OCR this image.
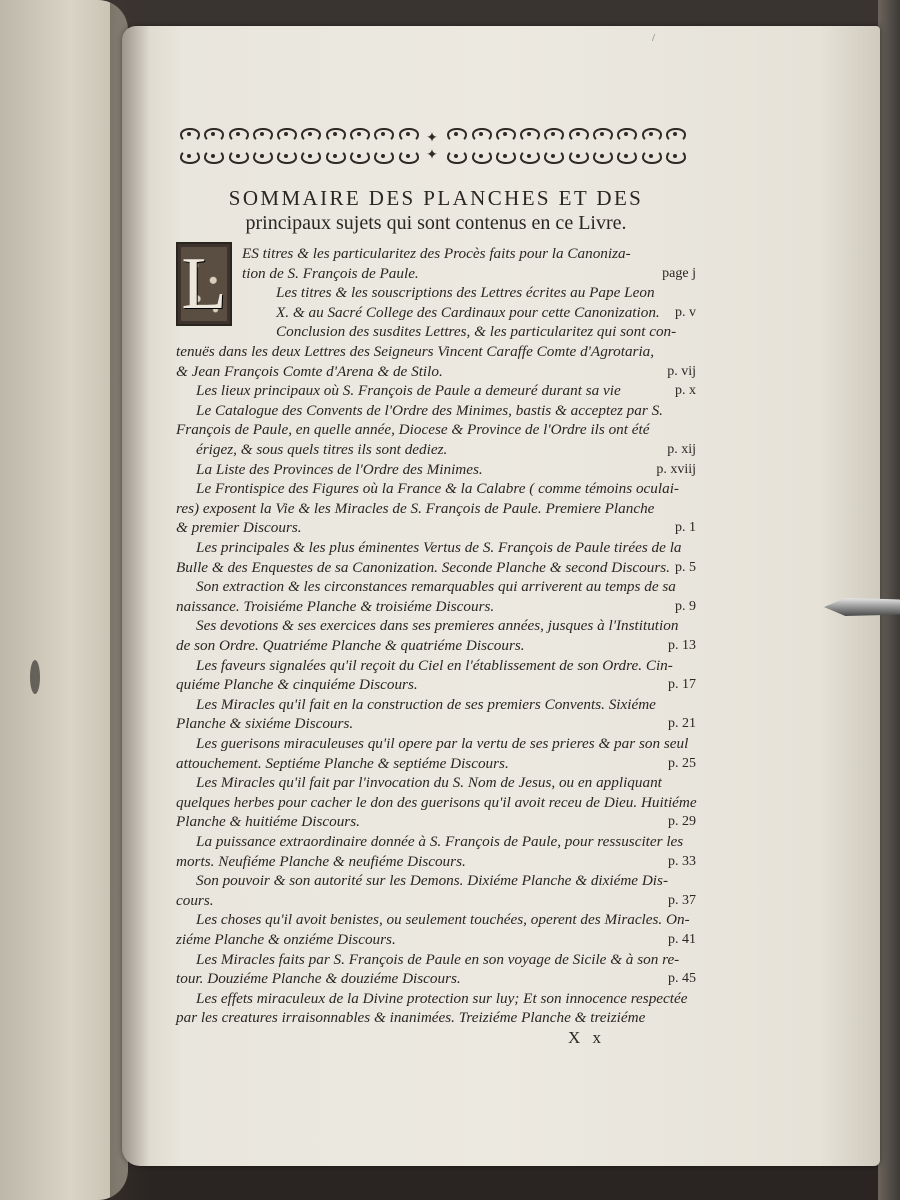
/
✦
✦
SOMMAIRE DES PLANCHES ET DES
principaux sujets qui sont contenus en ce Livre.
L ES titres & les particularitez des Procès faits pour la Canoniza-
tion de S. François de Paule.	page j
Les titres & les souscriptions des Lettres écrites au Pape Leon
X. & au Sacré College des Cardinaux pour cette Canonization. p. v
Conclusion des susdites Lettres, & les particularitez qui sont con-
tenuës dans les deux Lettres des Seigneurs Vincent Caraffe Comte d'Agrotaria,
& Jean François Comte d'Arena & de Stilo.	p. vij
Les lieux principaux où S. François de Paule a demeuré durant sa vie	p. x
Le Catalogue des Convents de l'Ordre des Minimes, bastis & acceptez par S.
François de Paule, en quelle année, Diocese & Province de l'Ordre ils ont été
érigez, & sous quels titres ils sont dediez.	p. xij
La Liste des Provinces de l'Ordre des Minimes.	p. xviij
Le Frontispice des Figures où la France & la Calabre ( comme témoins oculai-
res) exposent la Vie & les Miracles de S. François de Paule. Premiere Planche
& premier Discours.	p. 1
Les principales & les plus éminentes Vertus de S. François de Paule tirées de la
Bulle & des Enquestes de sa Canonization. Seconde Planche & second Discours. p. 5
Son extraction & les circonstances remarquables qui arriverent au temps de sa
naissance. Troisiéme Planche & troisiéme Discours.	p. 9
Ses devotions & ses exercices dans ses premieres années, jusques à l'Institution
de son Ordre. Quatriéme Planche & quatriéme Discours.	p. 13
Les faveurs signalées qu'il reçoit du Ciel en l'établissement de son Ordre. Cin-
quiéme Planche & cinquiéme Discours.	p. 17
Les Miracles qu'il fait en la construction de ses premiers Convents. Sixiéme
Planche & sixiéme Discours.	p. 21
Les guerisons miraculeuses qu'il opere par la vertu de ses prieres & par son seul
attouchement. Septiéme Planche & septiéme Discours.	p. 25
Les Miracles qu'il fait par l'invocation du S. Nom de Jesus, ou en appliquant
quelques herbes pour cacher le don des guerisons qu'il avoit receu de Dieu. Huitiéme
Planche & huitiéme Discours.	p. 29
La puissance extraordinaire donnée à S. François de Paule, pour ressusciter les
morts. Neufiéme Planche & neufiéme Discours.	p. 33
Son pouvoir & son autorité sur les Demons. Dixiéme Planche & dixiéme Dis-
cours.	p. 37
Les choses qu'il avoit benistes, ou seulement touchées, operent des Miracles. On-
ziéme Planche & onziéme Discours.	p. 41
Les Miracles faits par S. François de Paule en son voyage de Sicile & à son re-
tour. Douziéme Planche & douziéme Discours.	p. 45
Les effets miraculeux de la Divine protection sur luy; Et son innocence respectée
par les creatures irraisonnables & inanimées. Treiziéme Planche & treiziéme
X x
